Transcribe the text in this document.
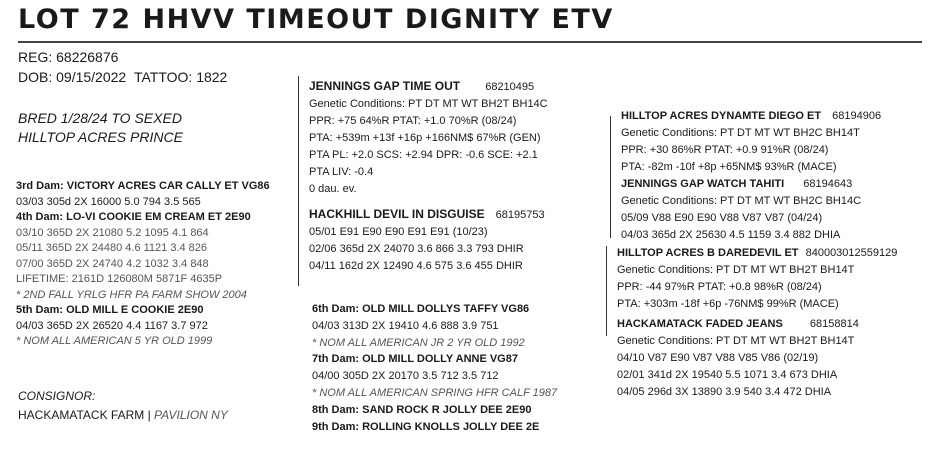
LOT 72 HHVV TIMEOUT DIGNITY ETV
REG: 68226876
DOB: 09/15/2022 TATTOO: 1822
BRED 1/28/24 TO SEXED
HILLTOP ACRES PRINCE
3rd Dam: VICTORY ACRES CAR CALLY ET VG86
03/03 305d 2X 16000 5.0 794 3.5 565
4th Dam: LO-VI COOKIE EM CREAM ET 2E90
03/10 365D 2X 21080 5.2 1095 4.1 864
05/11 365D 2X 24480 4.6 1121 3.4 826
07/00 365D 2X 24740 4.2 1032 3.4 848
LIFETIME: 2161D 126080M 5871F 4635P
* 2ND FALL YRLG HFR PA FARM SHOW 2004
5th Dam: OLD MILL E COOKIE 2E90
04/03 365D 2X 26520 4.4 1167 3.7 972
* NOM ALL AMERICAN 5 YR OLD 1999
CONSIGNOR:
HACKAMATACK FARM | PAVILION NY
JENNINGS GAP TIME OUT 68210495
Genetic Conditions: PT DT MT WT BH2T BH14C
PPR: +75 64%R PTAT: +1.0 70%R (08/24)
PTA: +539m +13f +16p +166NM$ 67%R (GEN)
PTA PL: +2.0 SCS: +2.94 DPR: -0.6 SCE: +2.1
PTA LIV: -0.4
0 dau. ev.
HACKHILL DEVIL IN DISGUISE 68195753
05/01 E91 E90 E90 E91 E91 (10/23)
02/06 365d 2X 24070 3.6 866 3.3 793 DHIR
04/11 162d 2X 12490 4.6 575 3.6 455 DHIR
6th Dam: OLD MILL DOLLYS TAFFY VG86
04/03 313D 2X 19410 4.6 888 3.9 751
* NOM ALL AMERICAN JR 2 YR OLD 1992
7th Dam: OLD MILL DOLLY ANNE VG87
04/00 305D 2X 20170 3.5 712 3.5 712
* NOM ALL AMERICAN SPRING HFR CALF 1987
8th Dam: SAND ROCK R JOLLY DEE 2E90
9th Dam: ROLLING KNOLLS JOLLY DEE 2E
HILLTOP ACRES DYNAMTE DIEGO ET 68194906
Genetic Conditions: PT DT MT WT BH2C BH14T
PPR: +30 86%R PTAT: +0.9 91%R (08/24)
PTA: -82m -10f +8p +65NM$ 93%R (MACE)
JENNINGS GAP WATCH TAHITI 68194643
Genetic Conditions: PT DT MT WT BH2C BH14C
05/09 V88 E90 E90 V88 V87 V87 (04/24)
04/03 365d 2X 25630 4.5 1159 3.4 882 DHIA
HILLTOP ACRES B DAREDEVIL ET 840003012559129
Genetic Conditions: PT DT MT WT BH2T BH14T
PPR: -44 97%R PTAT: +0.8 98%R (08/24)
PTA: +303m -18f +6p -76NM$ 99%R (MACE)
HACKAMATACK FADED JEANS 68158814
Genetic Conditions: PT DT MT WT BH2T BH14T
04/10 V87 E90 V87 V88 V85 V86 (02/19)
02/01 341d 2X 19540 5.5 1071 3.4 673 DHIA
04/05 296d 3X 13890 3.9 540 3.4 472 DHIA
